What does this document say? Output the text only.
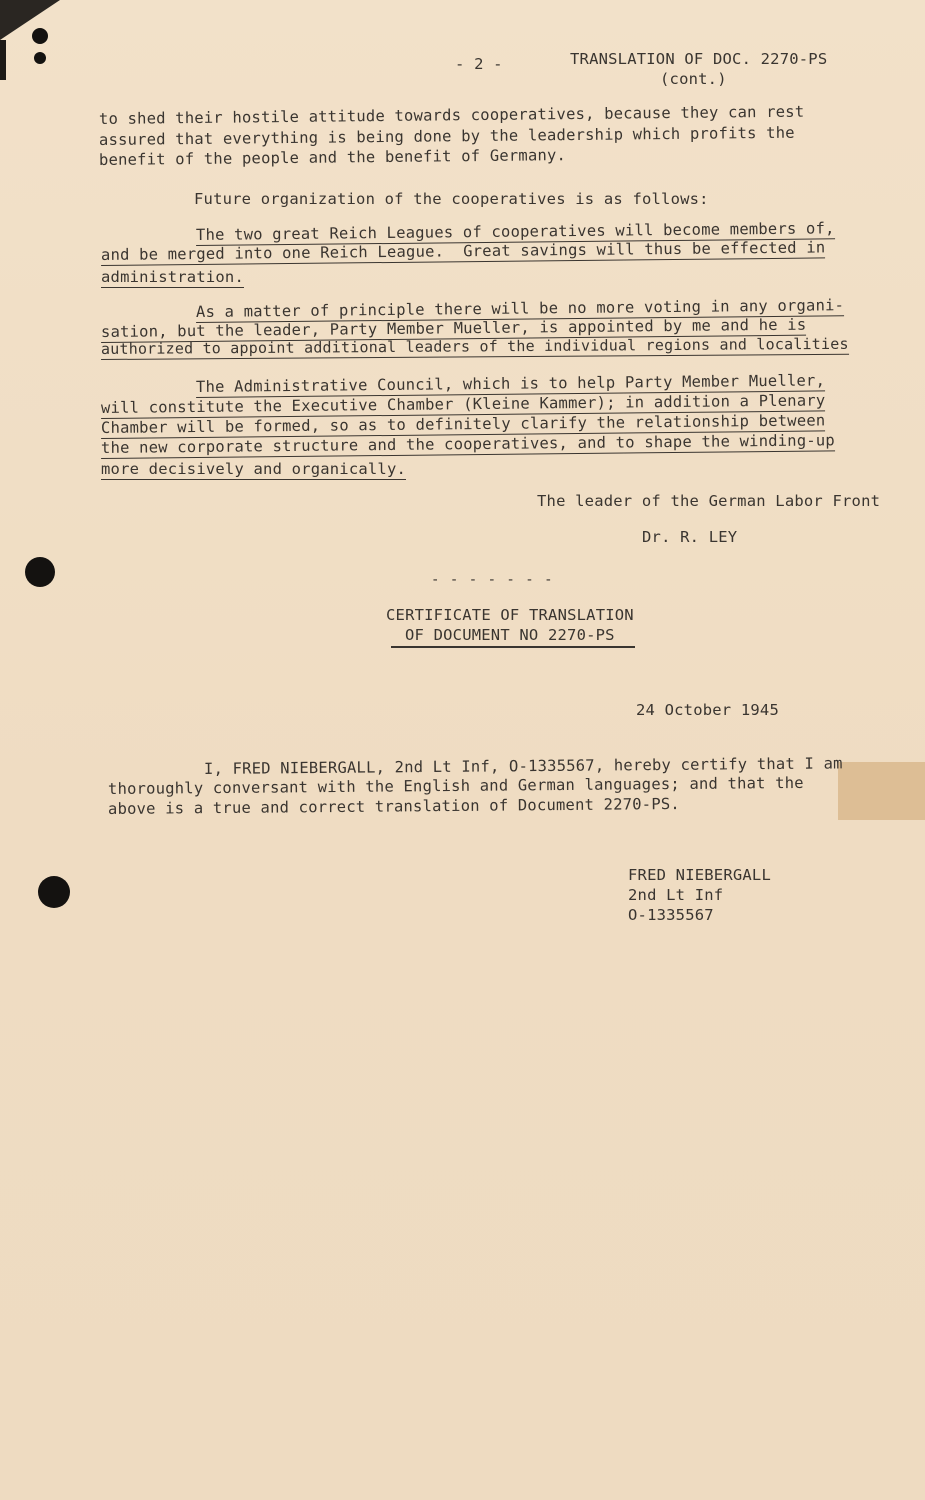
- 2 -	TRANSLATION OF DOC. 2270-PS
(cont.)
to shed their hostile attitude towards cooperatives, because they can rest
assured that everything is being done by the leadership which profits the
benefit of the people and the benefit of Germany.
Future organization of the cooperatives is as follows:
The two great Reich Leagues of cooperatives will become members of,
and be merged into one Reich League.  Great savings will thus be effected in
administration.
As a matter of principle there will be no more voting in any organi-
sation, but the leader, Party Member Mueller, is appointed by me and he is
authorized to appoint additional leaders of the individual regions and localities
The Administrative Council, which is to help Party Member Mueller,
will constitute the Executive Chamber (Kleine Kammer); in addition a Plenary
Chamber will be formed, so as to definitely clarify the relationship between
the new corporate structure and the cooperatives, and to shape the winding-up
more decisively and organically.
The leader of the German Labor Front
Dr. R. LEY
- - - - - - -
CERTIFICATE OF TRANSLATION
OF DOCUMENT NO 2270-PS
24 October 1945
I, FRED NIEBERGALL, 2nd Lt Inf, O-1335567, hereby certify that I am
thoroughly conversant with the English and German languages; and that the
above is a true and correct translation of Document 2270-PS.
FRED NIEBERGALL
2nd Lt Inf
O-1335567
